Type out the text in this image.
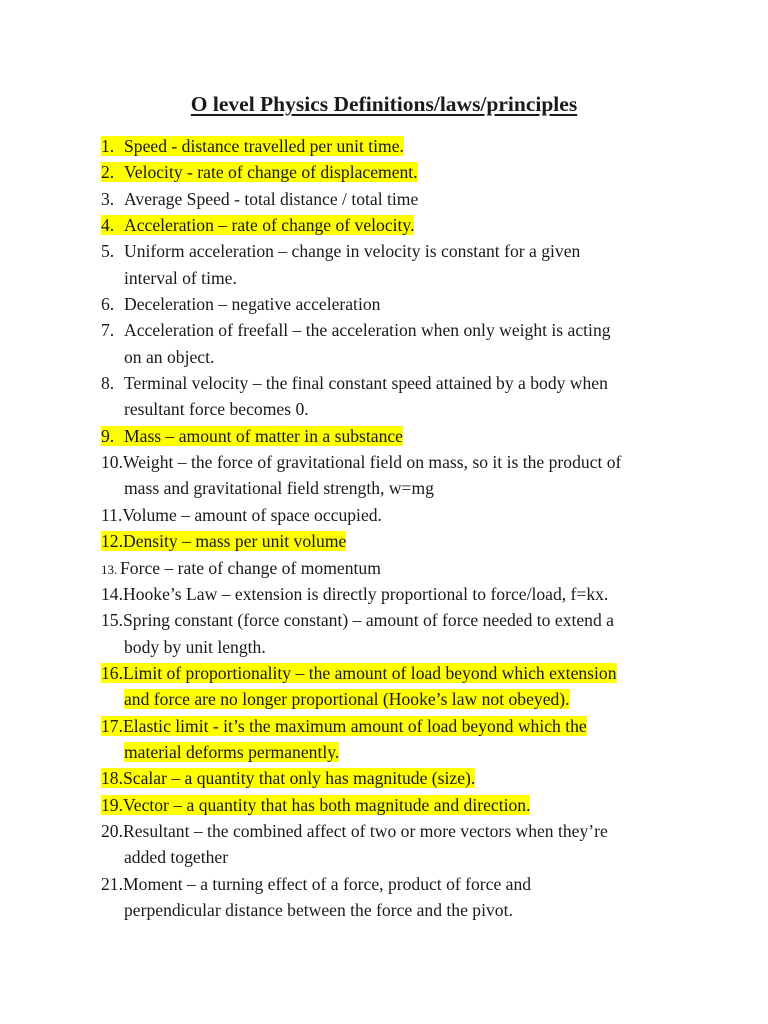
O level Physics Definitions/laws/principles
1. Speed - distance travelled per unit time.
2. Velocity - rate of change of displacement.
3. Average Speed - total distance / total time
4. Acceleration – rate of change of velocity.
5. Uniform acceleration – change in velocity is constant for a given
interval of time.
6. Deceleration – negative acceleration
7. Acceleration of freefall – the acceleration when only weight is acting
on an object.
8. Terminal velocity – the final constant speed attained by a body when
resultant force becomes 0.
9. Mass – amount of matter in a substance
10.Weight – the force of gravitational field on mass, so it is the product of
mass and gravitational field strength, w=mg
11.Volume – amount of space occupied.
12.Density – mass per unit volume
13. Force – rate of change of momentum
14.Hooke’s Law – extension is directly proportional to force/load, f=kx.
15.Spring constant (force constant) – amount of force needed to extend a
body by unit length.
16.Limit of proportionality – the amount of load beyond which extension
and force are no longer proportional (Hooke’s law not obeyed).
17.Elastic limit - it’s the maximum amount of load beyond which the
material deforms permanently.
18.Scalar – a quantity that only has magnitude (size).
19.Vector – a quantity that has both magnitude and direction.
20.Resultant – the combined affect of two or more vectors when they’re
added together
21.Moment – a turning effect of a force, product of force and
perpendicular distance between the force and the pivot.
